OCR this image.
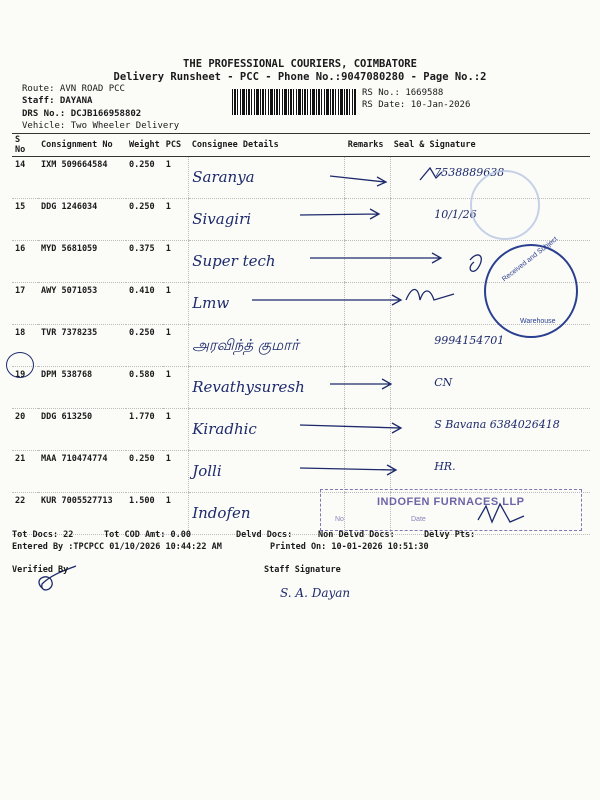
THE PROFESSIONAL COURIERS, COIMBATORE
Delivery Runsheet - PCC - Phone No.:9047080280 - Page No.:2
Route: AVN ROAD PCC
Staff: DAYANA
DRS No.: DCJB166958802
Vehicle: Two Wheeler Delivery
RS No.: 1669588
RS Date: 10-Jan-2026
S No	Consignment No	Weight	PCS	Consignee Details	Remarks	Seal & Signature
14	IXM 509664584	0.250	1	Saranya		7538889638
15	DDG 1246034	0.250	1	Sivagiri		10/1/26
16	MYD 5681059	0.375	1	Super tech		
17	AWY 5071053	0.410	1	Lmw		
18	TVR 7378235	0.250	1	அரவிந்த் குமார்		9994154701
19	DPM 538768	0.580	1	Revathysuresh		CN
20	DDG 613250	1.770	1	Kiradhic		S Bavana 6384026418
21	MAA 710474774	0.250	1	Jolli		HR.
22	KUR 7005527713	1.500	1	Indofen		
Received and Subject
Warehouse
INDOFEN FURNACES LLP
No	Date
Tot Docs: 22	Tot COD Amt: 0.00	Delvd Docs:	Non Delvd Docs:	Delvy Pts:
Entered By :TPCPCC 01/10/2026 10:44:22 AM	Printed On: 10-01-2026 10:51:30
Verified By	Staff Signature
S. A. Dayan
